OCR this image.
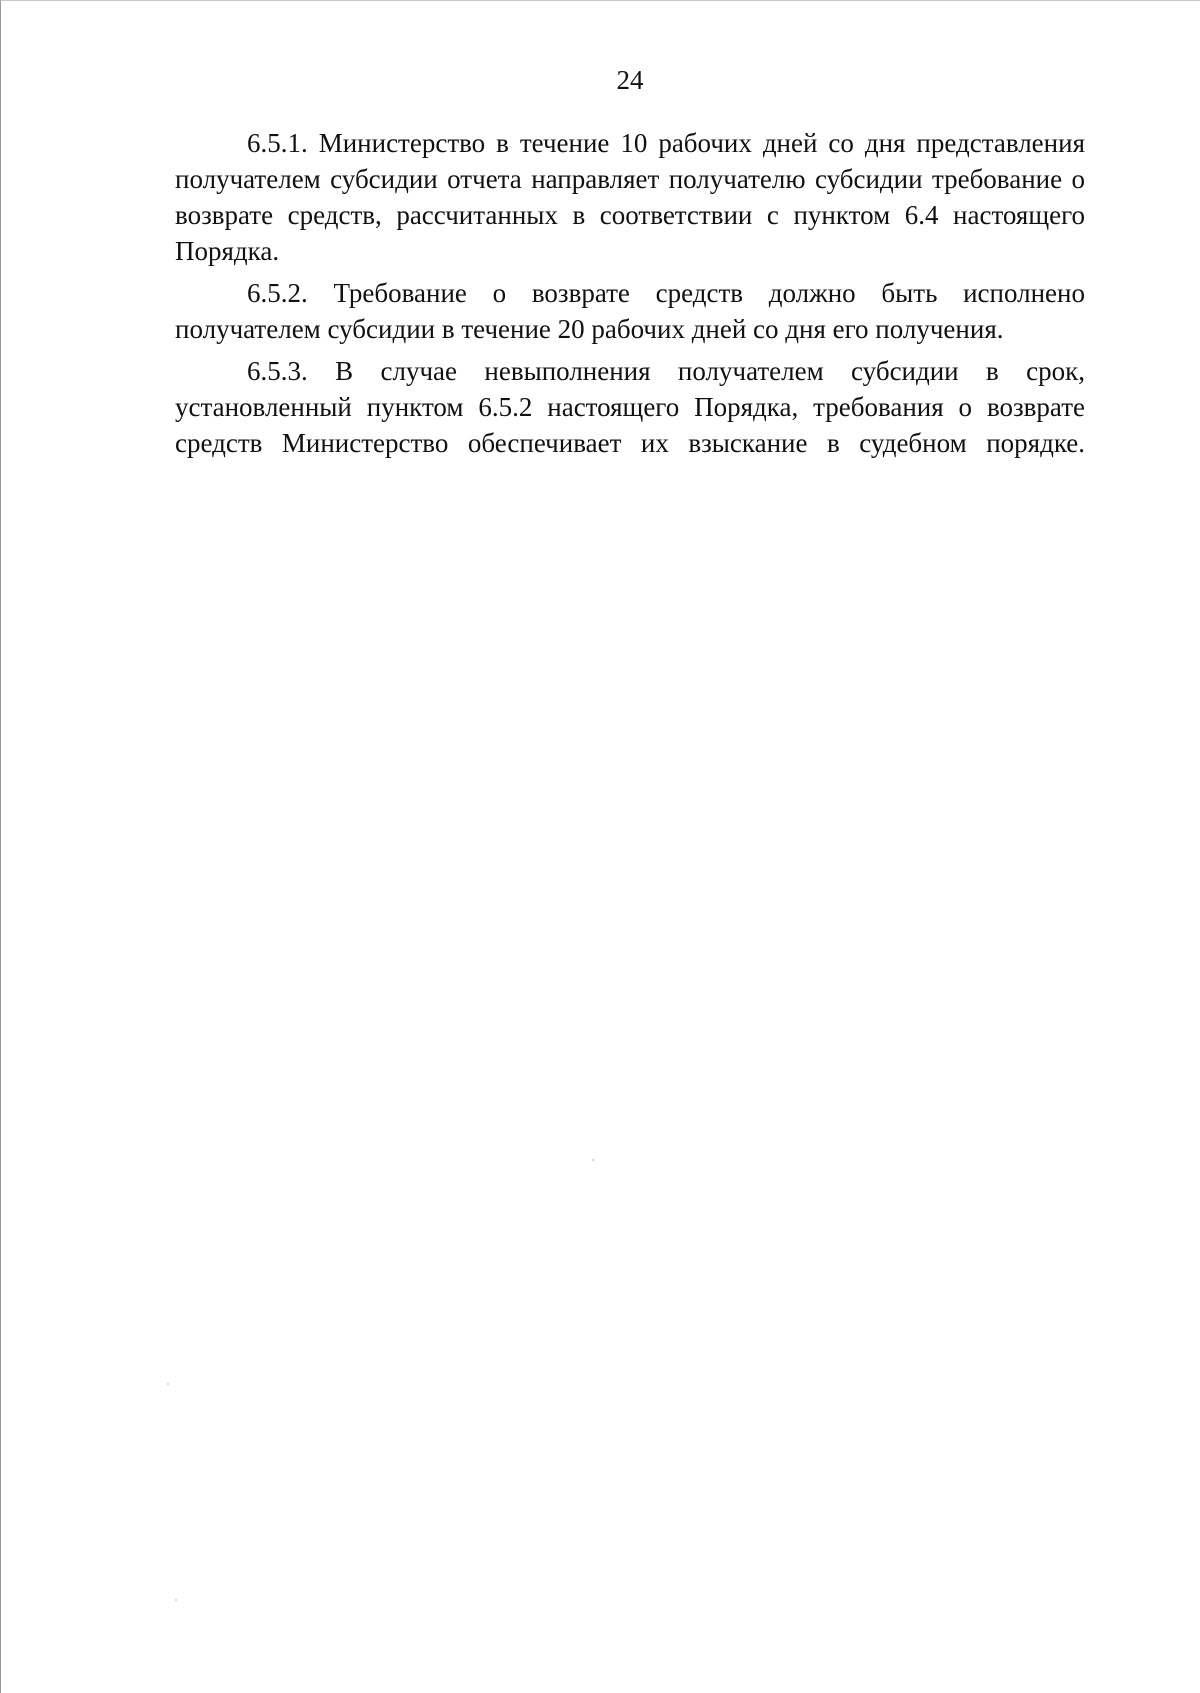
24

6.5.1. Министерство в течение 10 рабочих дней со дня представления получателем субсидии отчета направляет получателю субсидии требование о возврате средств, рассчитанных в соответствии с пунктом 6.4 настоящего Порядка.

6.5.2. Требование о возврате средств должно быть исполнено получателем субсидии в течение 20 рабочих дней со дня его получения.

6.5.3. В случае невыполнения получателем субсидии в срок, установленный пунктом 6.5.2 настоящего Порядка, требования о возврате средств Министерство обеспечивает их взыскание в судебном порядке.
